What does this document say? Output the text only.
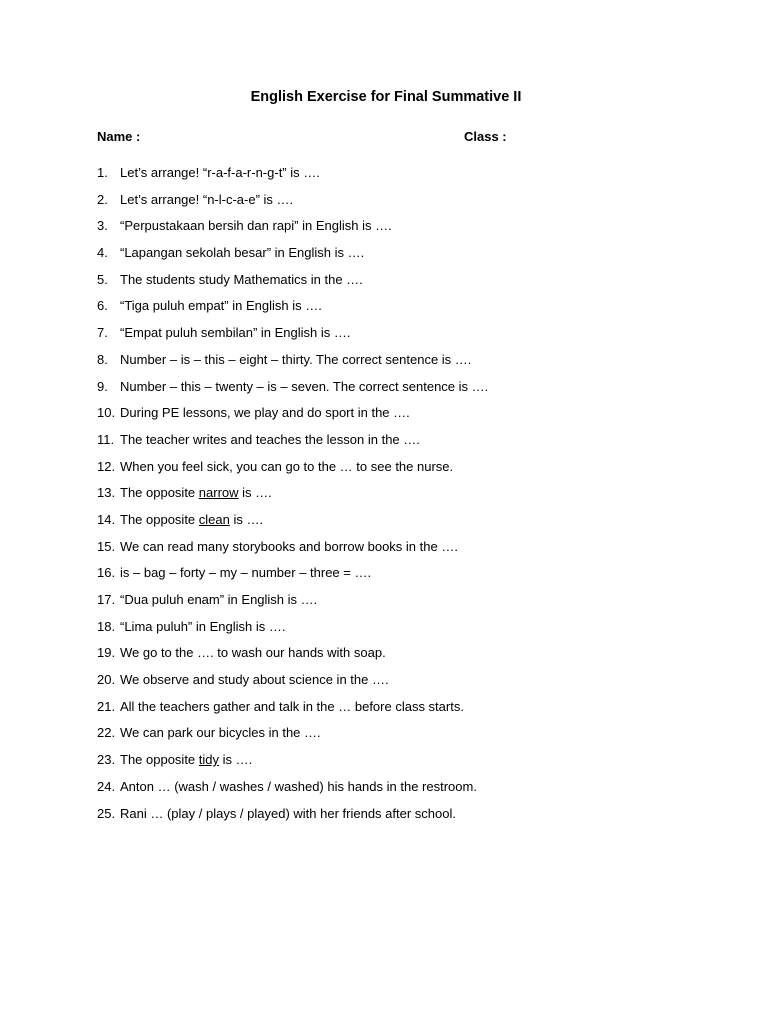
English Exercise for Final Summative II
Name :	Class :
1. Let’s arrange! “r-a-f-a-r-n-g-t” is ….
2. Let’s arrange! “n-l-c-a-e” is ….
3. “Perpustakaan bersih dan rapi” in English is ….
4. “Lapangan sekolah besar” in English is ….
5. The students study Mathematics in the ….
6. “Tiga puluh empat” in English is ….
7. “Empat puluh sembilan” in English is ….
8. Number – is – this – eight – thirty. The correct sentence is ….
9. Number – this – twenty – is – seven. The correct sentence is ….
10. During PE lessons, we play and do sport in the ….
11. The teacher writes and teaches the lesson in the ….
12. When you feel sick, you can go to the … to see the nurse.
13. The opposite narrow is ….
14. The opposite clean is ….
15. We can read many storybooks and borrow books in the ….
16. is – bag – forty – my – number – three = ….
17. “Dua puluh enam” in English is ….
18. “Lima puluh” in English is ….
19. We go to the …. to wash our hands with soap.
20. We observe and study about science in the ….
21. All the teachers gather and talk in the … before class starts.
22. We can park our bicycles in the ….
23. The opposite tidy is ….
24. Anton … (wash / washes / washed) his hands in the restroom.
25. Rani … (play / plays / played) with her friends after school.
